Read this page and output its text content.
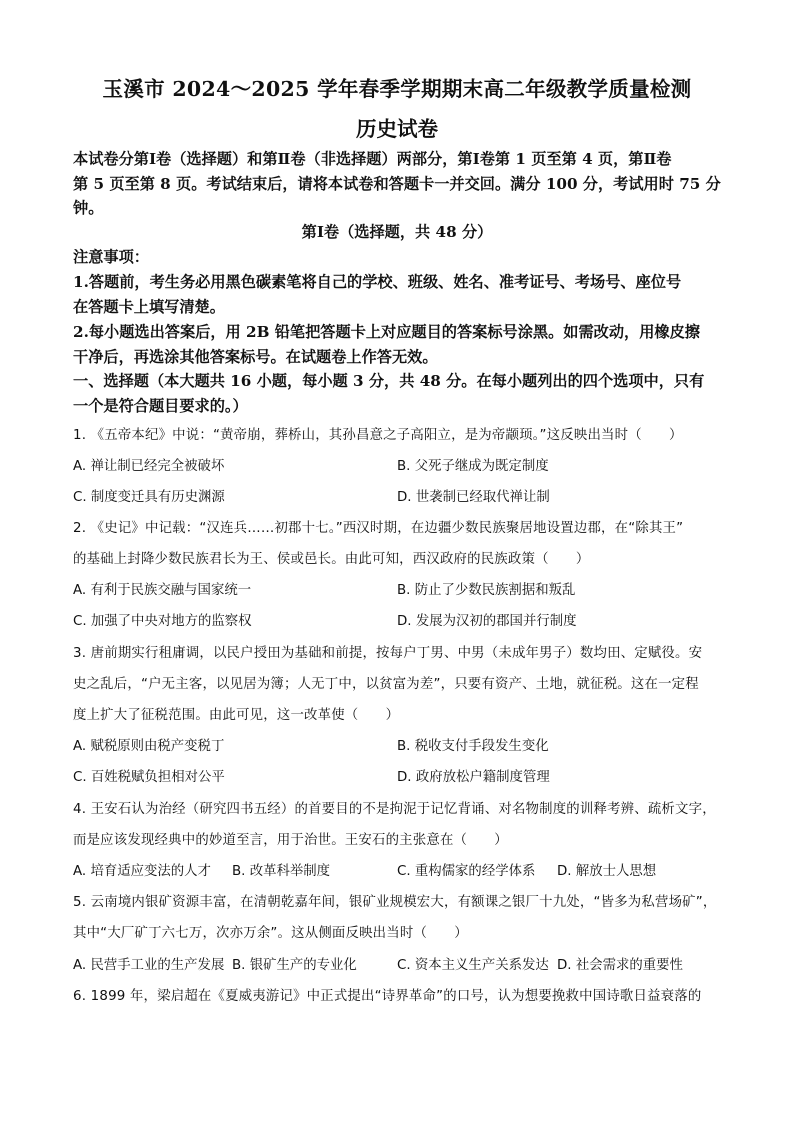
玉溪市 2024～2025 学年春季学期期末高二年级教学质量检测
历史试卷
本试卷分第Ⅰ卷（选择题）和第Ⅱ卷（非选择题）两部分，第Ⅰ卷第 1 页至第 4 页，第Ⅱ卷
第 5 页至第 8 页。考试结束后，请将本试卷和答题卡一并交回。满分 100 分，考试用时 75 分
钟。
第Ⅰ卷（选择题，共 48 分）
注意事项：
1.答题前，考生务必用黑色碳素笔将自己的学校、班级、姓名、准考证号、考场号、座位号
在答题卡上填写清楚。
2.每小题选出答案后，用 2B 铅笔把答题卡上对应题目的答案标号涂黑。如需改动，用橡皮擦
干净后，再选涂其他答案标号。在试题卷上作答无效。
一、选择题（本大题共 16 小题，每小题 3 分，共 48 分。在每小题列出的四个选项中，只有
一个是符合题目要求的。）
1. 《五帝本纪》中说：“黄帝崩，葬桥山，其孙昌意之子高阳立，是为帝颛顼。”这反映出当时（　　）
A. 禅让制已经完全被破坏	B. 父死子继成为既定制度
C. 制度变迁具有历史渊源	D. 世袭制已经取代禅让制
2. 《史记》中记载：“汉连兵……初郡十七。”西汉时期，在边疆少数民族聚居地设置边郡，在“除其王”
的基础上封降少数民族君长为王、侯或邑长。由此可知，西汉政府的民族政策（　　）
A. 有利于民族交融与国家统一	B. 防止了少数民族割据和叛乱
C. 加强了中央对地方的监察权	D. 发展为汉初的郡国并行制度
3. 唐前期实行租庸调，以民户授田为基础和前提，按每户丁男、中男（未成年男子）数均田、定赋役。安
史之乱后，“户无主客，以见居为簿；人无丁中，以贫富为差”，只要有资产、土地，就征税。这在一定程
度上扩大了征税范围。由此可见，这一改革使（　　）
A. 赋税原则由税产变税丁	B. 税收支付手段发生变化
C. 百姓税赋负担相对公平	D. 政府放松户籍制度管理
4. 王安石认为治经（研究四书五经）的首要目的不是拘泥于记忆背诵、对名物制度的训释考辨、疏析文字，
而是应该发现经典中的妙道至言，用于治世。王安石的主张意在（　　）
A. 培育适应变法的人才 B. 改革科举制度	C. 重构儒家的经学体系 D. 解放士人思想
5. 云南境内银矿资源丰富，在清朝乾嘉年间，银矿业规模宏大，有额课之银厂十九处，“皆多为私营场矿”，
其中“大厂矿丁六七万，次亦万余”。这从侧面反映出当时（　　）
A. 民营手工业的生产发展 B. 银矿生产的专业化	C. 资本主义生产关系发达 D. 社会需求的重要性
6. 1899 年，梁启超在《夏威夷游记》中正式提出“诗界革命”的口号，认为想要挽救中国诗歌日益衰落的
